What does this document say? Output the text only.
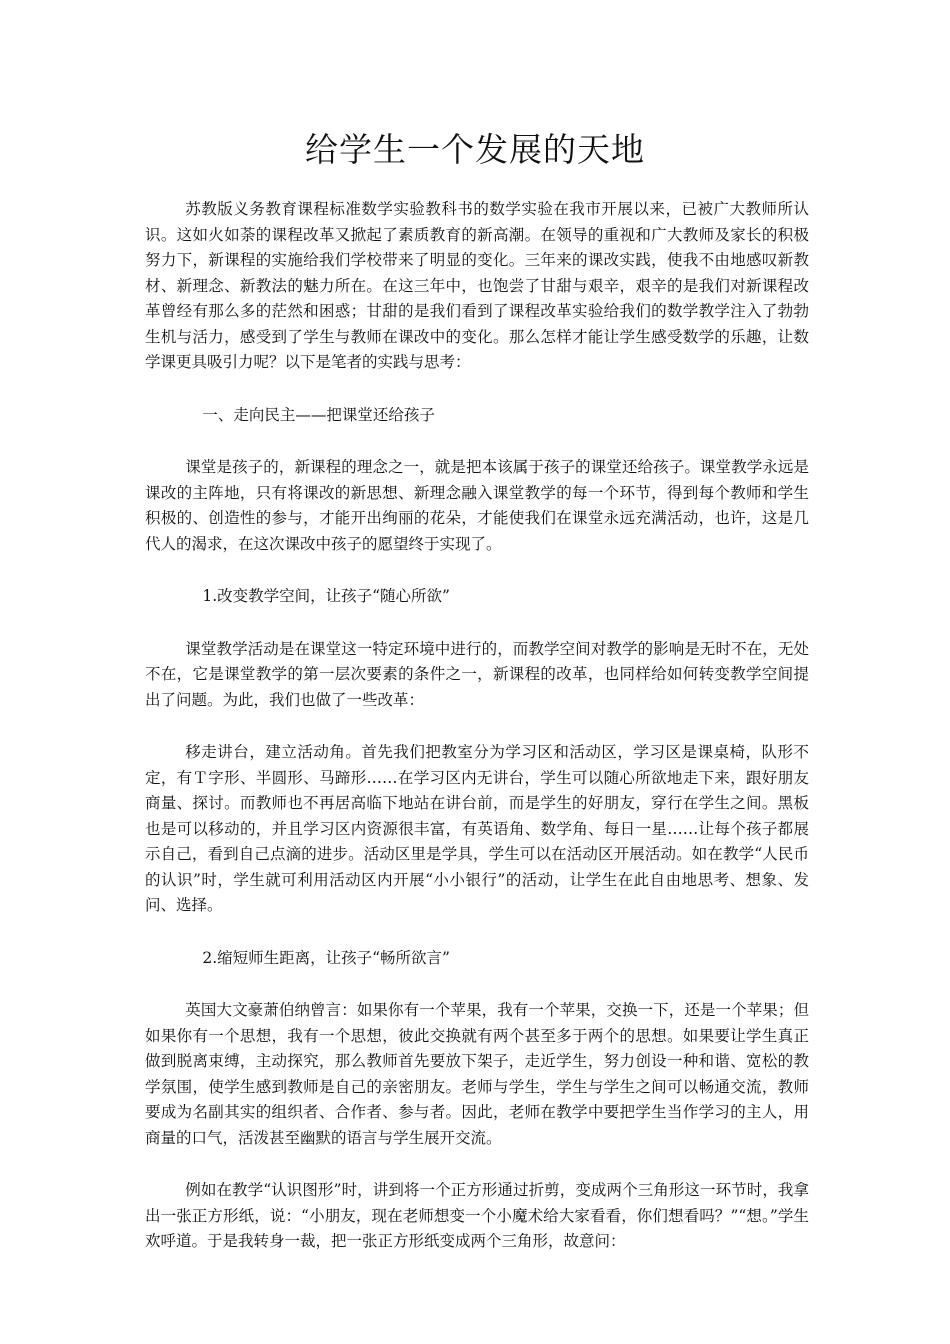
给学生一个发展的天地

苏教版义务教育课程标准数学实验教科书的数学实验在我市开展以来，已被广大教师所认识。这如火如荼的课程改革又掀起了素质教育的新高潮。在领导的重视和广大教师及家长的积极努力下，新课程的实施给我们学校带来了明显的变化。三年来的课改实践，使我不由地感叹新教材、新理念、新教法的魅力所在。在这三年中，也饱尝了甘甜与艰辛，艰辛的是我们对新课程改革曾经有那么多的茫然和困惑；甘甜的是我们看到了课程改革实验给我们的数学教学注入了勃勃生机与活力，感受到了学生与教师在课改中的变化。那么怎样才能让学生感受数学的乐趣，让数学课更具吸引力呢？以下是笔者的实践与思考：

一、走向民主——把课堂还给孩子

课堂是孩子的，新课程的理念之一，就是把本该属于孩子的课堂还给孩子。课堂教学永远是课改的主阵地，只有将课改的新思想、新理念融入课堂教学的每一个环节，得到每个教师和学生积极的、创造性的参与，才能开出绚丽的花朵，才能使我们在课堂永远充满活动，也许，这是几代人的渴求，在这次课改中孩子的愿望终于实现了。

1.改变教学空间，让孩子“随心所欲”

课堂教学活动是在课堂这一特定环境中进行的，而教学空间对教学的影响是无时不在，无处不在，它是课堂教学的第一层次要素的条件之一，新课程的改革，也同样给如何转变教学空间提出了问题。为此，我们也做了一些改革：

移走讲台，建立活动角。首先我们把教室分为学习区和活动区，学习区是课桌椅，队形不定，有Ｔ字形、半圆形、马蹄形……在学习区内无讲台，学生可以随心所欲地走下来，跟好朋友商量、探讨。而教师也不再居高临下地站在讲台前，而是学生的好朋友，穿行在学生之间。黑板也是可以移动的，并且学习区内资源很丰富，有英语角、数学角、每日一星……让每个孩子都展示自己，看到自己点滴的进步。活动区里是学具，学生可以在活动区开展活动。如在教学“人民币的认识”时，学生就可利用活动区内开展“小小银行”的活动，让学生在此自由地思考、想象、发问、选择。

2.缩短师生距离，让孩子“畅所欲言”

英国大文豪萧伯纳曾言：如果你有一个苹果，我有一个苹果，交换一下，还是一个苹果；但如果你有一个思想，我有一个思想，彼此交换就有两个甚至多于两个的思想。如果要让学生真正做到脱离束缚，主动探究，那么教师首先要放下架子，走近学生，努力创设一种和谐、宽松的教学氛围，使学生感到教师是自己的亲密朋友。老师与学生，学生与学生之间可以畅通交流，教师要成为名副其实的组织者、合作者、参与者。因此，老师在教学中要把学生当作学习的主人，用商量的口气，活泼甚至幽默的语言与学生展开交流。

例如在教学“认识图形”时，讲到将一个正方形通过折剪，变成两个三角形这一环节时，我拿出一张正方形纸，说：“小朋友，现在老师想变一个小魔术给大家看看，你们想看吗？”“想。”学生欢呼道。于是我转身一裁，把一张正方形纸变成两个三角形，故意问：
